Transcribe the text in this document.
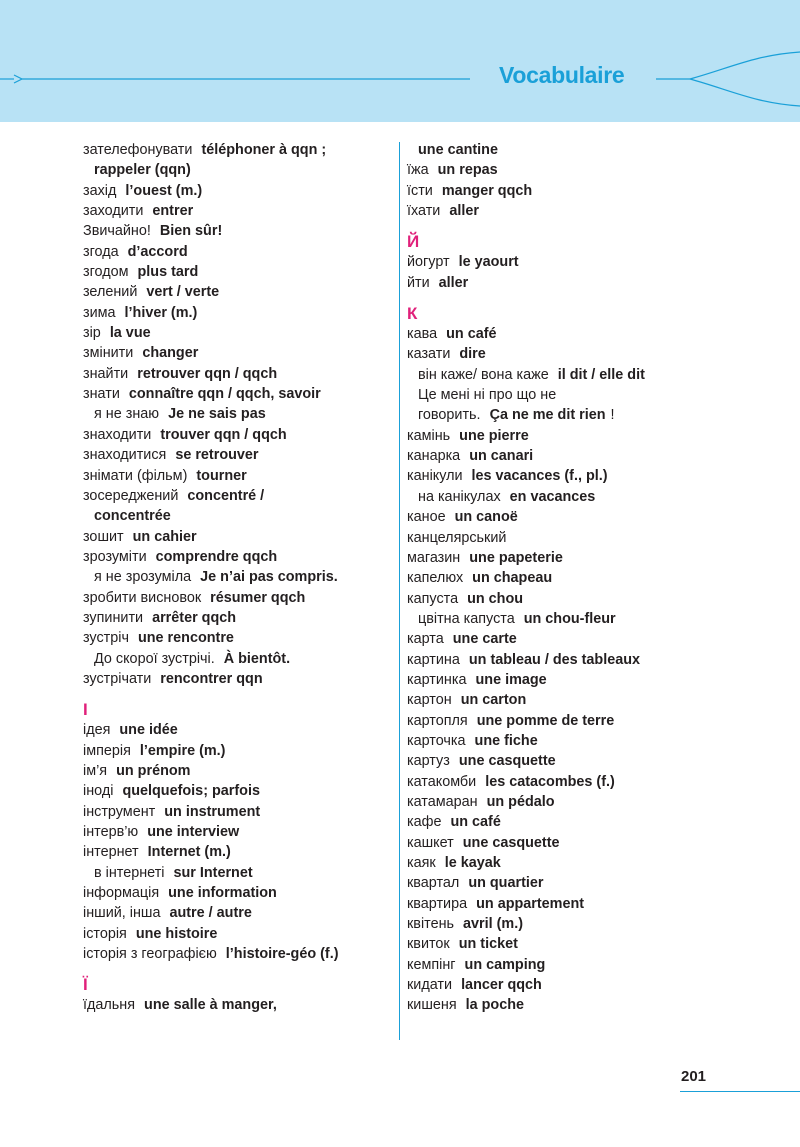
Vocabulaire
зателефонувати téléphoner à qqn ;
rappeler (qqn)
захід l’ouest (m.)
заходити entrer
Звичайно! Bien sûr!
згода d’accord
згодом plus tard
зелений vert / verte
зима l’hiver (m.)
зір la vue
змінити changer
знайти retrouver qqn / qqch
знати connaître qqn / qqch, savoir
я не знаю Je ne sais pas
знаходити trouver qqn / qqch
знаходитися se retrouver
знімати (фільм) tourner
зосереджений concentré /
concentrée
зошит un cahier
зрозуміти comprendre qqch
я не зрозуміла Je n’ai pas compris.
зробити висновок résumer qqch
зупинити arrêter qqch
зустріч une rencontre
До скорої зустрічі. À bientôt.
зустрічати rencontrer qqn
І
ідея une idée
імперія l’empire (m.)
ім’я un prénom
іноді quelquefois; parfois
інструмент un instrument
інтерв’ю une interview
інтернет Internet (m.)
в інтернеті sur Internet
інформація une information
інший, інша autre / autre
історія une histoire
історія з географією l’histoire-géo (f.)
Ї
їдальня une salle à manger,
une cantine
їжа un repas
їсти manger qqch
їхати aller
Й
йогурт le yaourt
йти aller
К
кава un café
казати dire
він каже/ вона каже il dit / elle dit
Це мені ні про що не
говорить. Ça ne me dit rien !
камінь une pierre
канарка un canari
канікули les vacances (f., pl.)
на канікулах en vacances
каное un canoë
канцелярський
магазин une papeterie
капелюх un chapeau
капуста un chou
цвітна капуста un chou-fleur
карта une carte
картина un tableau / des tableaux
картинка une image
картон un carton
картопля une pomme de terre
карточка une fiche
картуз une casquette
катакомби les catacombes (f.)
катамаран un pédalo
кафе un café
кашкет une casquette
каяк le kayak
квартал un quartier
квартира un appartement
квітень avril (m.)
квиток un ticket
кемпінг un camping
кидати lancer qqch
кишеня la poche
201
